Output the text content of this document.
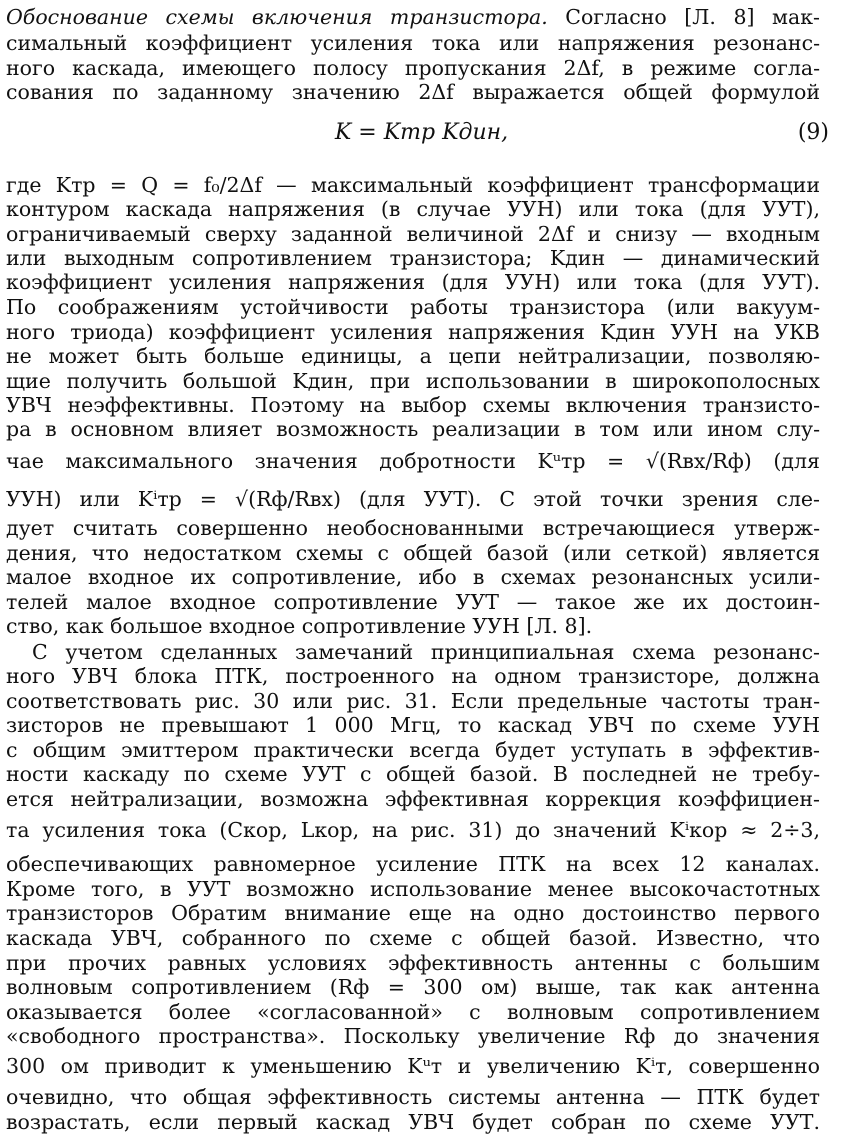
Обоснование схемы включения транзистора. Согласно [Л. 8] мак-

симальный коэффициент усиления тока или напряжения резонанс-

ного каскада, имеющего полосу пропускания 2Δf, в режиме согла-

сования по заданному значению 2Δf выражается общей формулой

K = Kтр Kдин,	(9)

где Kтр = Q = f₀/2Δf — максимальный коэффициент трансформации

контуром каскада напряжения (в случае УУН) или тока (для УУТ),

ограничиваемый сверху заданной величиной 2Δf и снизу — входным

или выходным сопротивлением транзистора; Kдин — динамический

коэффициент усиления напряжения (для УУН) или тока (для УУТ).

По соображениям устойчивости работы транзистора (или вакуум-

ного триода) коэффициент усиления напряжения Kдин УУН на УКВ

не может быть больше единицы, а цепи нейтрализации, позволяю-

щие получить большой Kдин, при использовании в широкополосных

УВЧ неэффективны. Поэтому на выбор схемы включения транзисто-

ра в основном влияет возможность реализации в том или ином слу-

чае максимального значения добротности Kᵘтр = √(Rвх/Rф) (для

УУН) или Kⁱтр = √(Rф/Rвх) (для УУТ). С этой точки зрения сле-

дует считать совершенно необоснованными встречающиеся утверж-

дения, что недостатком схемы с общей базой (или сеткой) является

малое входное их сопротивление, ибо в схемах резонансных усили-

телей малое входное сопротивление УУТ — такое же их достоин-

ство, как большое входное сопротивление УУН [Л. 8].

С учетом сделанных замечаний принципиальная схема резонанс-

ного УВЧ блока ПТК, построенного на одном транзисторе, должна

соответствовать рис. 30 или рис. 31. Если предельные частоты тран-

зисторов не превышают 1 000 Мгц, то каскад УВЧ по схеме УУН

с общим эмиттером практически всегда будет уступать в эффектив-

ности каскаду по схеме УУТ с общей базой. В последней не требу-

ется нейтрализации, возможна эффективная коррекция коэффициен-

та усиления тока (Cкор, Lкор, на рис. 31) до значений Kⁱкор ≈ 2÷3,

обеспечивающих равномерное усиление ПТК на всех 12 каналах.

Кроме того, в УУТ возможно использование менее высокочастотных

транзисторов Обратим внимание еще на одно достоинство первого

каскада УВЧ, собранного по схеме с общей базой. Известно, что

при прочих равных условиях эффективность антенны с большим

волновым сопротивлением (Rф = 300 ом) выше, так как антенна

оказывается более «согласованной» с волновым сопротивлением

«свободного пространства». Поскольку увеличение Rф до значения

300 ом приводит к уменьшению Kᵘт и увеличению Kⁱт, совершенно

очевидно, что общая эффективность системы антенна — ПТК будет

возрастать, если первый каскад УВЧ будет собран по схеме УУТ.
